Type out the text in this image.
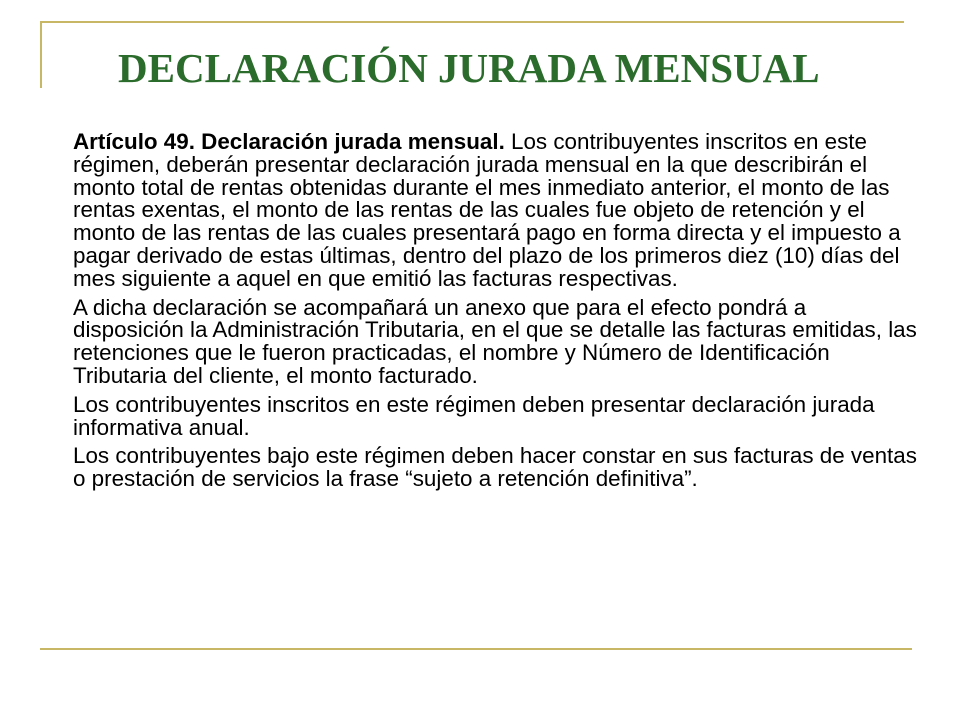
DECLARACIÓN JURADA MENSUAL

Artículo 49. Declaración jurada mensual. Los contribuyentes inscritos en este régimen, deberán presentar declaración jurada mensual en la que describirán el monto total de rentas obtenidas durante el mes inmediato anterior, el monto de las rentas exentas, el monto de las rentas de las cuales fue objeto de retención y el monto de las rentas de las cuales presentará pago en forma directa y el impuesto a pagar derivado de estas últimas, dentro del plazo de los primeros diez (10) días del mes siguiente a aquel en que emitió las facturas respectivas.

A dicha declaración se acompañará un anexo que para el efecto pondrá a disposición la Administración Tributaria, en el que se detalle las facturas emitidas, las retenciones que le fueron practicadas, el nombre y Número de Identificación Tributaria del cliente, el monto facturado.

Los contribuyentes inscritos en este régimen deben presentar declaración jurada informativa anual.

Los contribuyentes bajo este régimen deben hacer constar en sus facturas de ventas o prestación de servicios la frase “sujeto a retención definitiva”.
